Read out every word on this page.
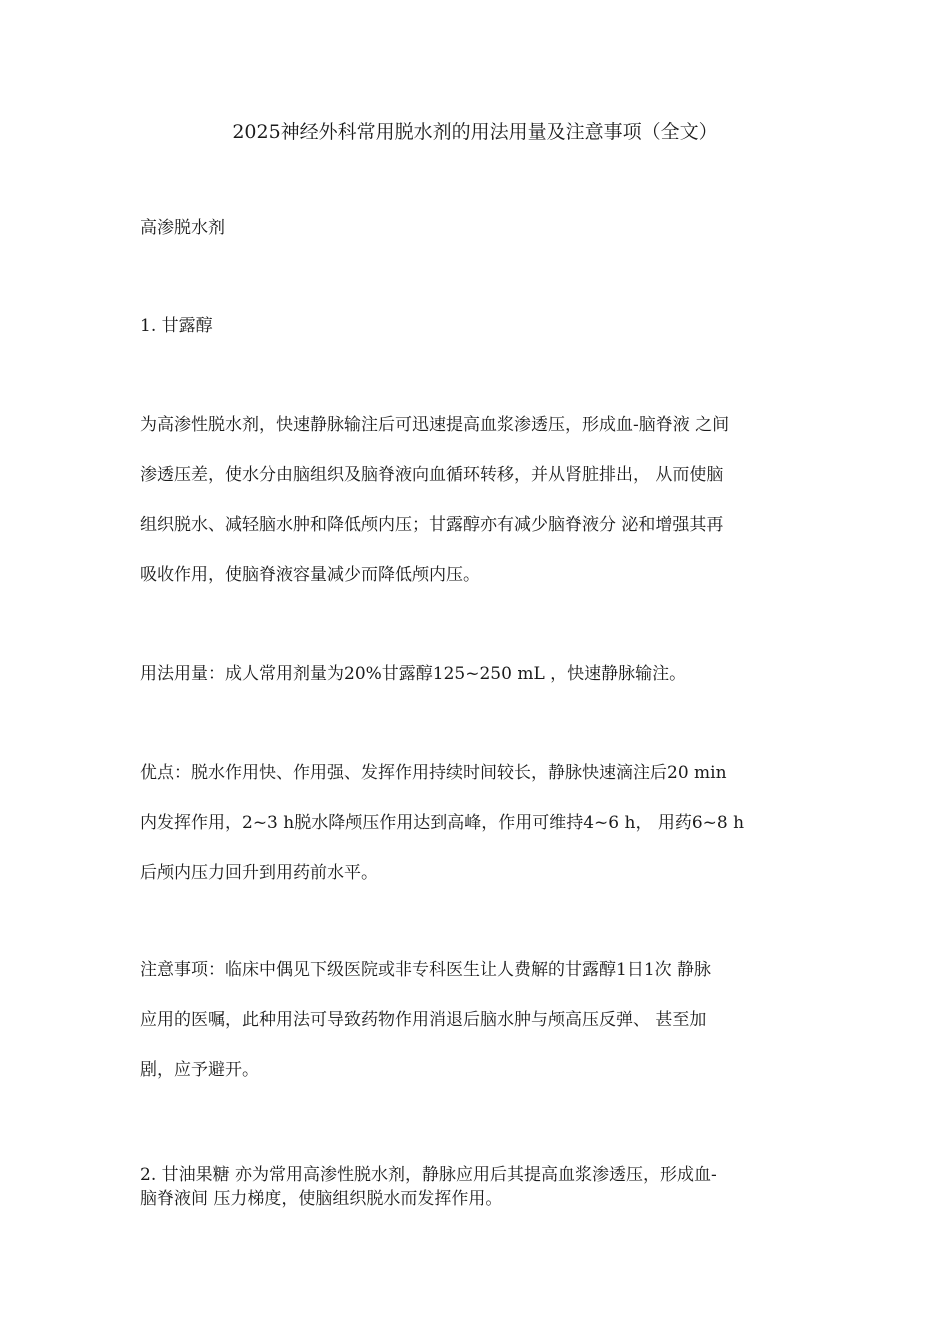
2025神经外科常用脱水剂的用法用量及注意事项（全文）
高渗脱水剂
1. 甘露醇
为高渗性脱水剂，快速静脉输注后可迅速提高血浆渗透压，形成血-脑脊液 之间
渗透压差，使水分由脑组织及脑脊液向血循环转移，并从肾脏排出， 从而使脑
组织脱水、减轻脑水肿和降低颅内压；甘露醇亦有减少脑脊液分 泌和增强其再
吸收作用，使脑脊液容量减少而降低颅内压。
用法用量：成人常用剂量为20%甘露醇125~250 mL ，快速静脉输注。
优点：脱水作用快、作用强、发挥作用持续时间较长，静脉快速滴注后20 min
内发挥作用，2~3 h脱水降颅压作用达到高峰，作用可维持4~6 h， 用药6~8 h
后颅内压力回升到用药前水平。
注意事项：临床中偶见下级医院或非专科医生让人费解的甘露醇1日1次 静脉
应用的医嘱，此种用法可导致药物作用消退后脑水肿与颅高压反弹、 甚至加
剧，应予避开。
2. 甘油果糖 亦为常用高渗性脱水剂，静脉应用后其提高血浆渗透压，形成血-
脑脊液间 压力梯度，使脑组织脱水而发挥作用。
